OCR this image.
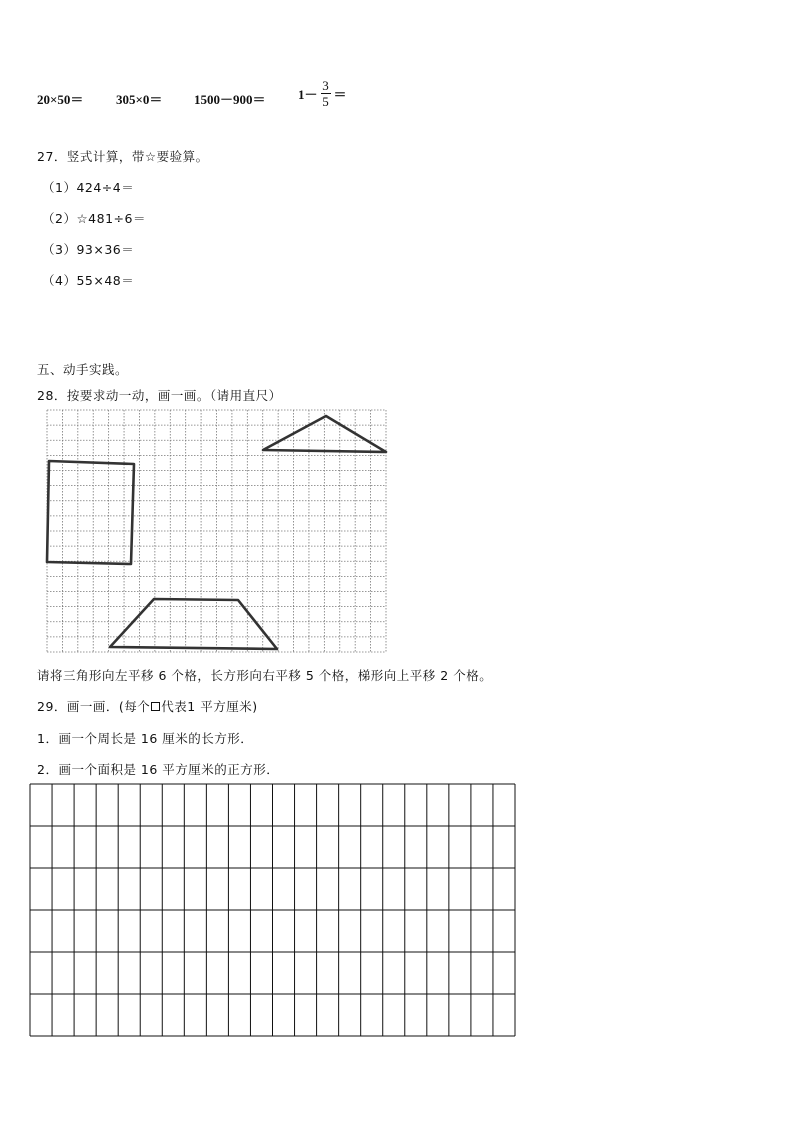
20×50＝	$305\times 0= 1500-900= 1- \frac{3}{5}$ ＝
27．竖式计算，带☆要验算。
（1）424÷4＝
（2）☆481÷6＝
（3）93×36＝
（4）55×48＝
五、动手实践。
28．按要求动一动，画一画。（请用直尺）
请将三角形向左平移 6 个格，长方形向右平移 5 个格，梯形向上平移 2 个格。
29．画一画．(每个 代表1 平方厘米)
1．画一个周长是 16 厘米的长方形．
2．画一个面积是 16 平方厘米的正方形．
